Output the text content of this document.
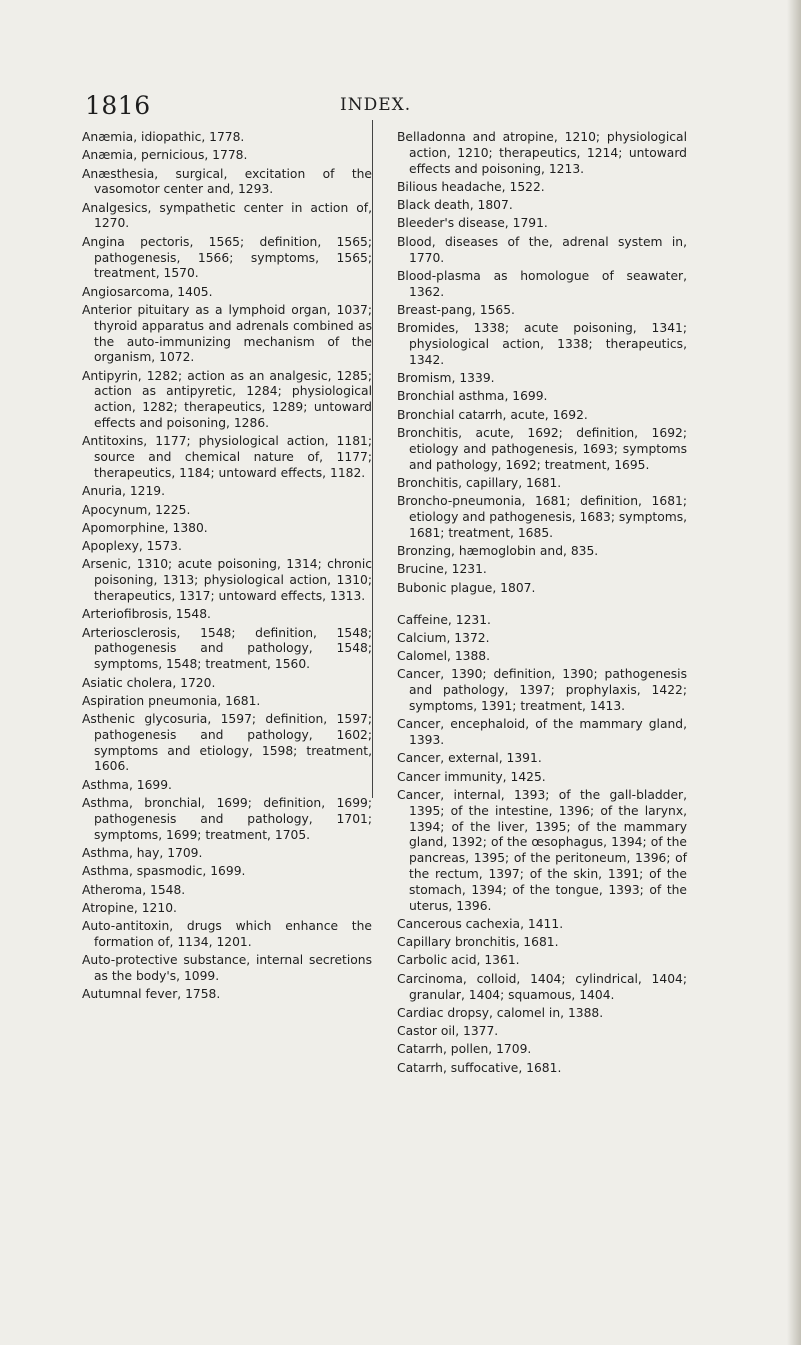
1816	INDEX.

Anæmia, idiopathic, 1778.

Anæmia, pernicious, 1778.

Anæsthesia, surgical, excitation of the vasomotor center and, 1293.

Analgesics, sympathetic center in action of, 1270.

Angina pectoris, 1565; definition, 1565; pathogenesis, 1566; symptoms, 1565; treatment, 1570.

Angiosarcoma, 1405.

Anterior pituitary as a lymphoid organ, 1037; thyroid apparatus and adrenals combined as the auto-immunizing mechanism of the organism, 1072.

Antipyrin, 1282; action as an analgesic, 1285; action as antipyretic, 1284; physiological action, 1282; therapeutics, 1289; untoward effects and poisoning, 1286.

Antitoxins, 1177; physiological action, 1181; source and chemical nature of, 1177; therapeutics, 1184; untoward effects, 1182.

Anuria, 1219.

Apocynum, 1225.

Apomorphine, 1380.

Apoplexy, 1573.

Arsenic, 1310; acute poisoning, 1314; chronic poisoning, 1313; physiological action, 1310; therapeutics, 1317; untoward effects, 1313.

Arteriofibrosis, 1548.

Arteriosclerosis, 1548; definition, 1548; pathogenesis and pathology, 1548; symptoms, 1548; treatment, 1560.

Asiatic cholera, 1720.

Aspiration pneumonia, 1681.

Asthenic glycosuria, 1597; definition, 1597; pathogenesis and pathology, 1602; symptoms and etiology, 1598; treatment, 1606.

Asthma, 1699.

Asthma, bronchial, 1699; definition, 1699; pathogenesis and pathology, 1701; symptoms, 1699; treatment, 1705.

Asthma, hay, 1709.

Asthma, spasmodic, 1699.

Atheroma, 1548.

Atropine, 1210.

Auto-antitoxin, drugs which enhance the formation of, 1134, 1201.

Auto-protective substance, internal secretions as the body's, 1099.

Autumnal fever, 1758.

Belladonna and atropine, 1210; physiological action, 1210; therapeutics, 1214; untoward effects and poisoning, 1213.

Bilious headache, 1522.

Black death, 1807.

Bleeder's disease, 1791.

Blood, diseases of the, adrenal system in, 1770.

Blood-plasma as homologue of seawater, 1362.

Breast-pang, 1565.

Bromides, 1338; acute poisoning, 1341; physiological action, 1338; therapeutics, 1342.

Bromism, 1339.

Bronchial asthma, 1699.

Bronchial catarrh, acute, 1692.

Bronchitis, acute, 1692; definition, 1692; etiology and pathogenesis, 1693; symptoms and pathology, 1692; treatment, 1695.

Bronchitis, capillary, 1681.

Broncho-pneumonia, 1681; definition, 1681; etiology and pathogenesis, 1683; symptoms, 1681; treatment, 1685.

Bronzing, hæmoglobin and, 835.

Brucine, 1231.

Bubonic plague, 1807.

Caffeine, 1231.

Calcium, 1372.

Calomel, 1388.

Cancer, 1390; definition, 1390; pathogenesis and pathology, 1397; prophylaxis, 1422; symptoms, 1391; treatment, 1413.

Cancer, encephaloid, of the mammary gland, 1393.

Cancer, external, 1391.

Cancer immunity, 1425.

Cancer, internal, 1393; of the gall-bladder, 1395; of the intestine, 1396; of the larynx, 1394; of the liver, 1395; of the mammary gland, 1392; of the œsophagus, 1394; of the pancreas, 1395; of the peritoneum, 1396; of the rectum, 1397; of the skin, 1391; of the stomach, 1394; of the tongue, 1393; of the uterus, 1396.

Cancerous cachexia, 1411.

Capillary bronchitis, 1681.

Carbolic acid, 1361.

Carcinoma, colloid, 1404; cylindrical, 1404; granular, 1404; squamous, 1404.

Cardiac dropsy, calomel in, 1388.

Castor oil, 1377.

Catarrh, pollen, 1709.

Catarrh, suffocative, 1681.
